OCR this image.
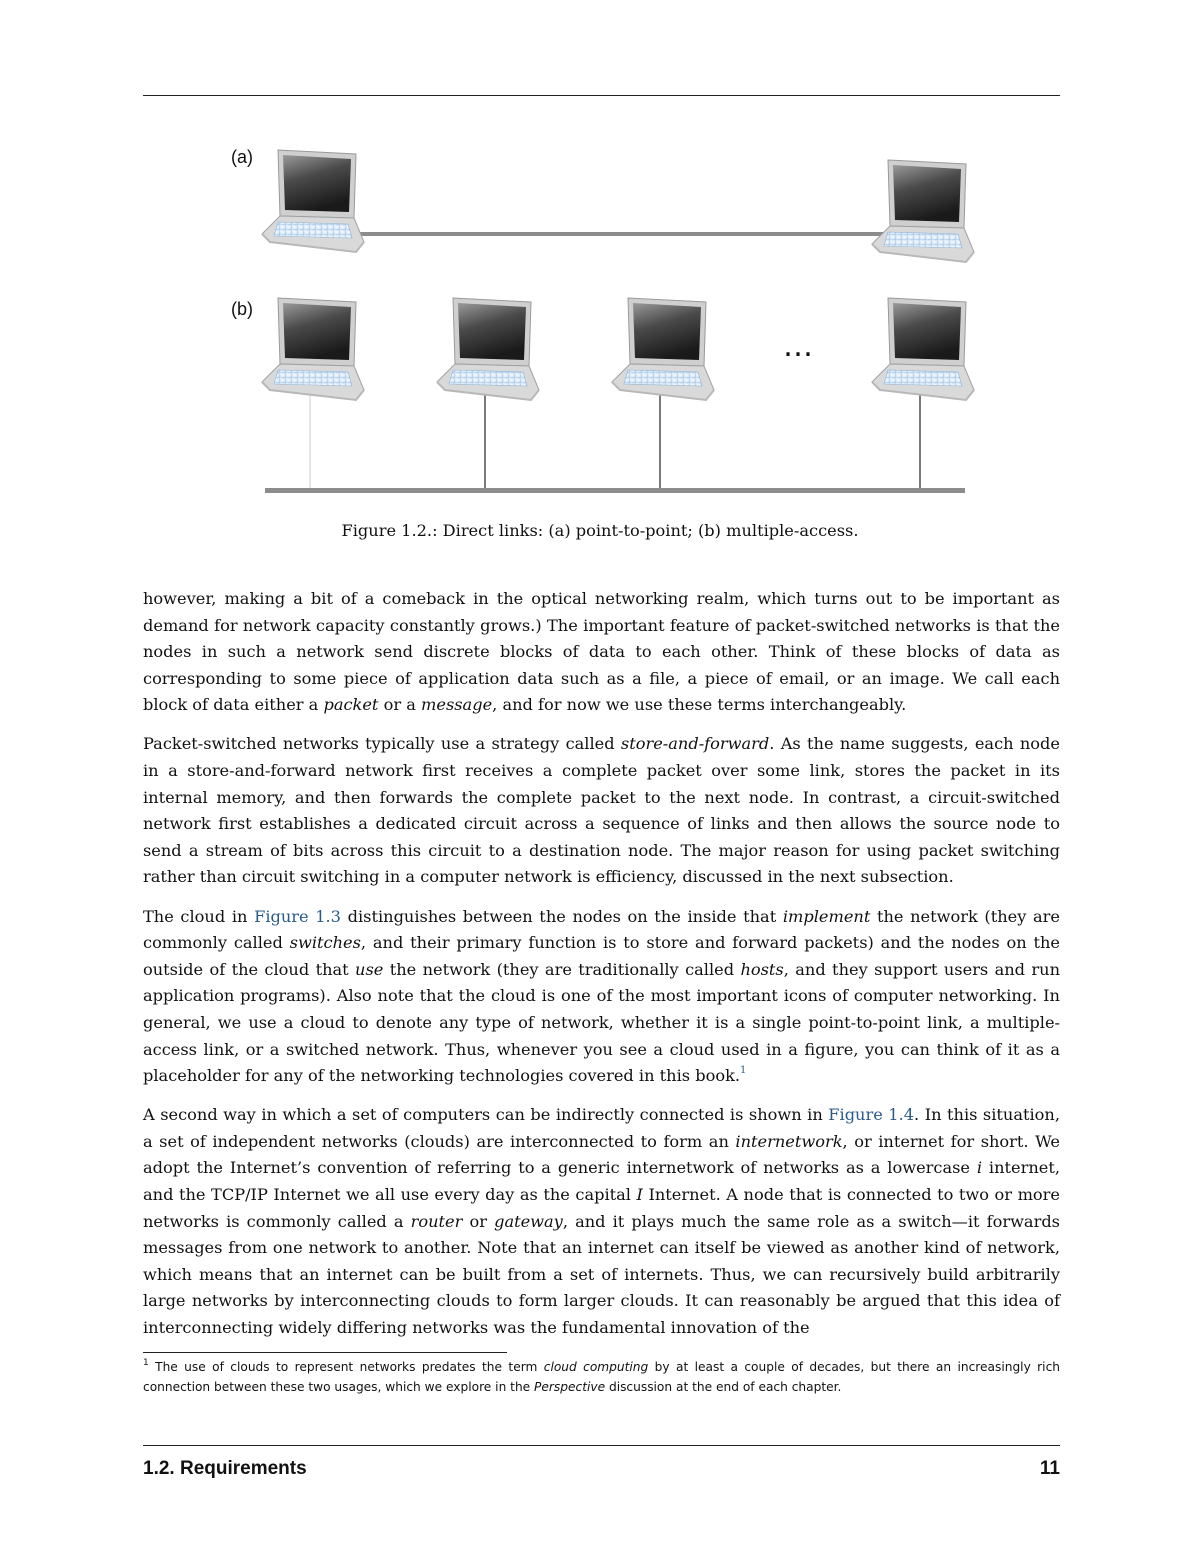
(a)
(b)
…
Figure 1.2.: Direct links: (a) point-to-point; (b) multiple-access.

however, making a bit of a comeback in the optical networking realm, which turns out to be important as demand for network capacity constantly grows.) The important feature of packet-switched networks is that the nodes in such a network send discrete blocks of data to each other. Think of these blocks of data as corresponding to some piece of application data such as a file, a piece of email, or an image. We call each block of data either a packet or a message, and for now we use these terms interchangeably.

Packet-switched networks typically use a strategy called store-and-forward. As the name suggests, each node in a store-and-forward network first receives a complete packet over some link, stores the packet in its internal memory, and then forwards the complete packet to the next node. In contrast, a circuit-switched network first establishes a dedicated circuit across a sequence of links and then allows the source node to send a stream of bits across this circuit to a destination node. The major reason for using packet switching rather than circuit switching in a computer network is efficiency, discussed in the next subsection.

The cloud in Figure 1.3 distinguishes between the nodes on the inside that implement the network (they are commonly called switches, and their primary function is to store and forward packets) and the nodes on the outside of the cloud that use the network (they are traditionally called hosts, and they support users and run application programs). Also note that the cloud is one of the most important icons of computer networking. In general, we use a cloud to denote any type of network, whether it is a single point-to-point link, a multiple-access link, or a switched network. Thus, whenever you see a cloud used in a figure, you can think of it as a placeholder for any of the networking technologies covered in this book.$^1$

A second way in which a set of computers can be indirectly connected is shown in Figure 1.4. In this situation, a set of independent networks (clouds) are interconnected to form an internetwork, or internet for short. We adopt the Internet’s convention of referring to a generic internetwork of networks as a lowercase i internet, and the TCP/IP Internet we all use every day as the capital I Internet. A node that is connected to two or more networks is commonly called a router or gateway, and it plays much the same role as a switch—it forwards messages from one network to another. Note that an internet can itself be viewed as another kind of network, which means that an internet can be built from a set of internets. Thus, we can recursively build arbitrarily large networks by interconnecting clouds to form larger clouds. It can reasonably be argued that this idea of interconnecting widely differing networks was the fundamental innovation of the

$^1$ The use of clouds to represent networks predates the term cloud computing by at least a couple of decades, but there an increasingly rich connection between these two usages, which we explore in the Perspective discussion at the end of each chapter.
1.2. Requirements	11
